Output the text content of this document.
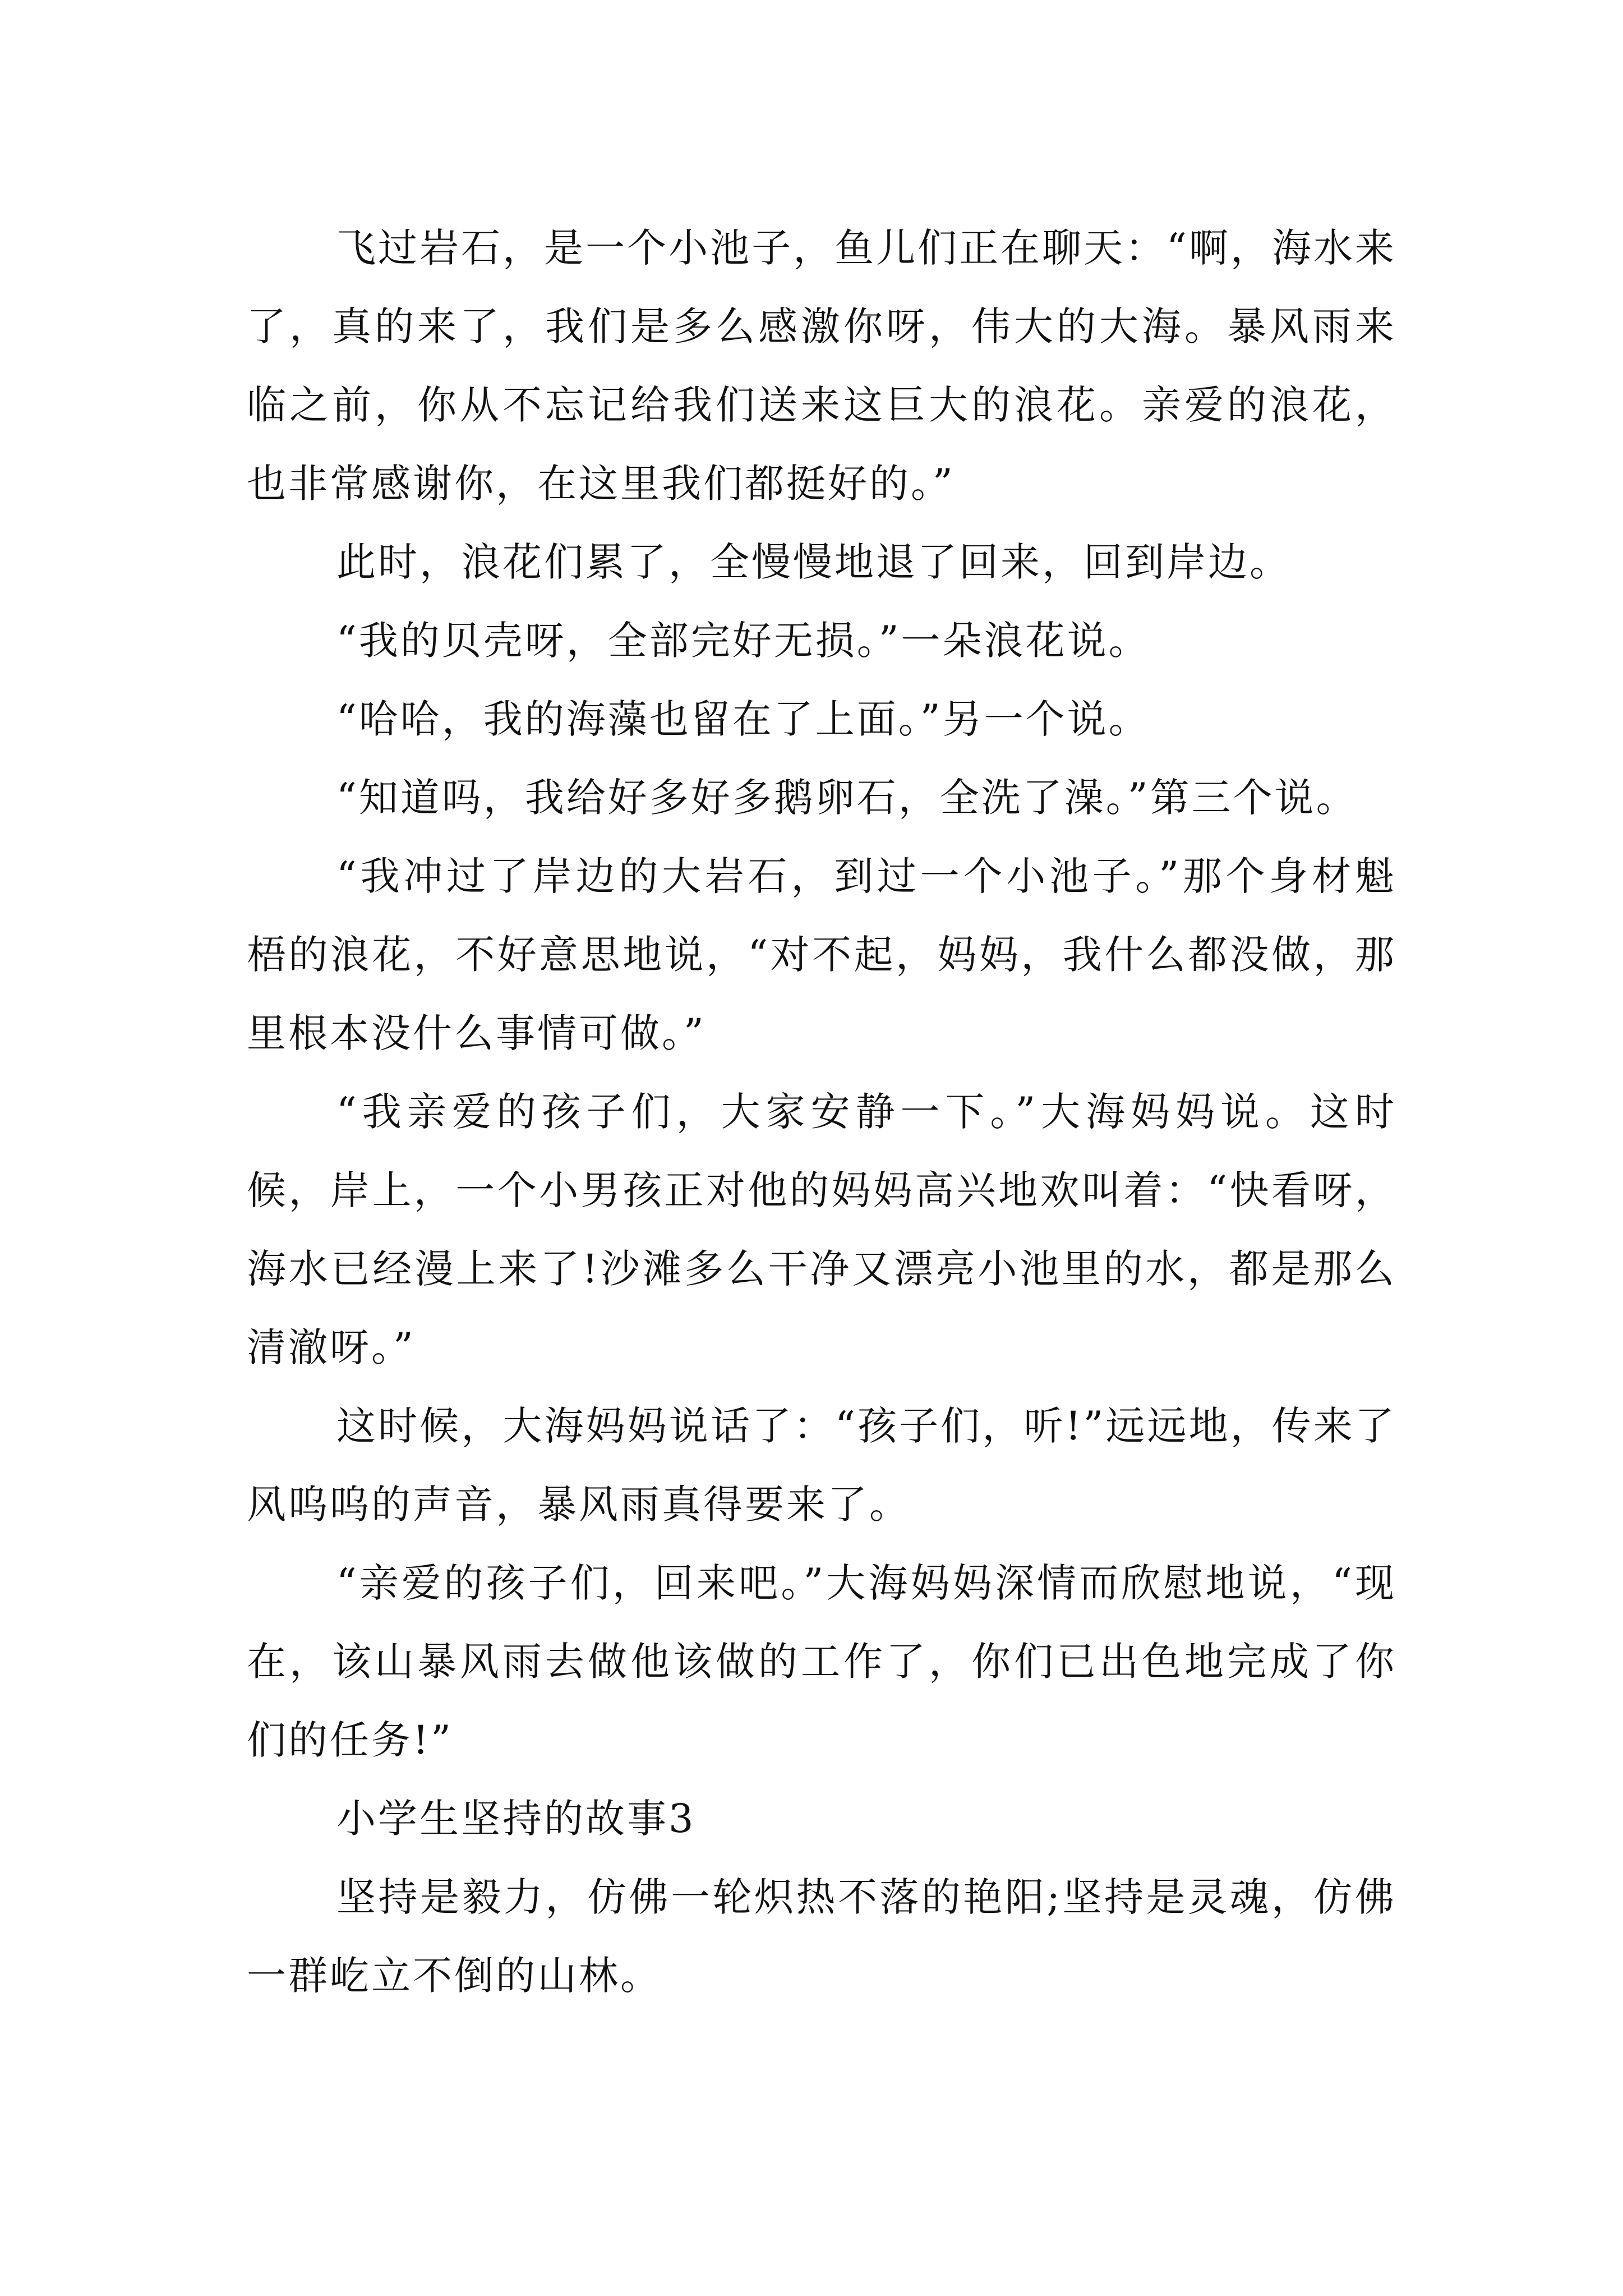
飞过岩石，是一个小池子，鱼儿们正在聊天：“啊，海水来了，真的来了，我们是多么感激你呀，伟大的大海。暴风雨来临之前，你从不忘记给我们送来这巨大的浪花。亲爱的浪花，也非常感谢你，在这里我们都挺好的。”

此时，浪花们累了，全慢慢地退了回来，回到岸边。

“我的贝壳呀，全部完好无损。”一朵浪花说。

“哈哈，我的海藻也留在了上面。”另一个说。

“知道吗，我给好多好多鹅卵石，全洗了澡。”第三个说。

“我冲过了岸边的大岩石，到过一个小池子。”那个身材魁梧的浪花，不好意思地说，“对不起，妈妈，我什么都没做，那里根本没什么事情可做。”

“我亲爱的孩子们，大家安静一下。”大海妈妈说。这时候，岸上，一个小男孩正对他的妈妈高兴地欢叫着：“快看呀，海水已经漫上来了!沙滩多么干净又漂亮小池里的水，都是那么清澈呀。”

这时候，大海妈妈说话了：“孩子们，听!”远远地，传来了风呜呜的声音，暴风雨真得要来了。

“亲爱的孩子们，回来吧。”大海妈妈深情而欣慰地说，“现在，该山暴风雨去做他该做的工作了，你们已出色地完成了你们的任务!”

小学生坚持的故事3

坚持是毅力，仿佛一轮炽热不落的艳阳;坚持是灵魂，仿佛一群屹立不倒的山林。
